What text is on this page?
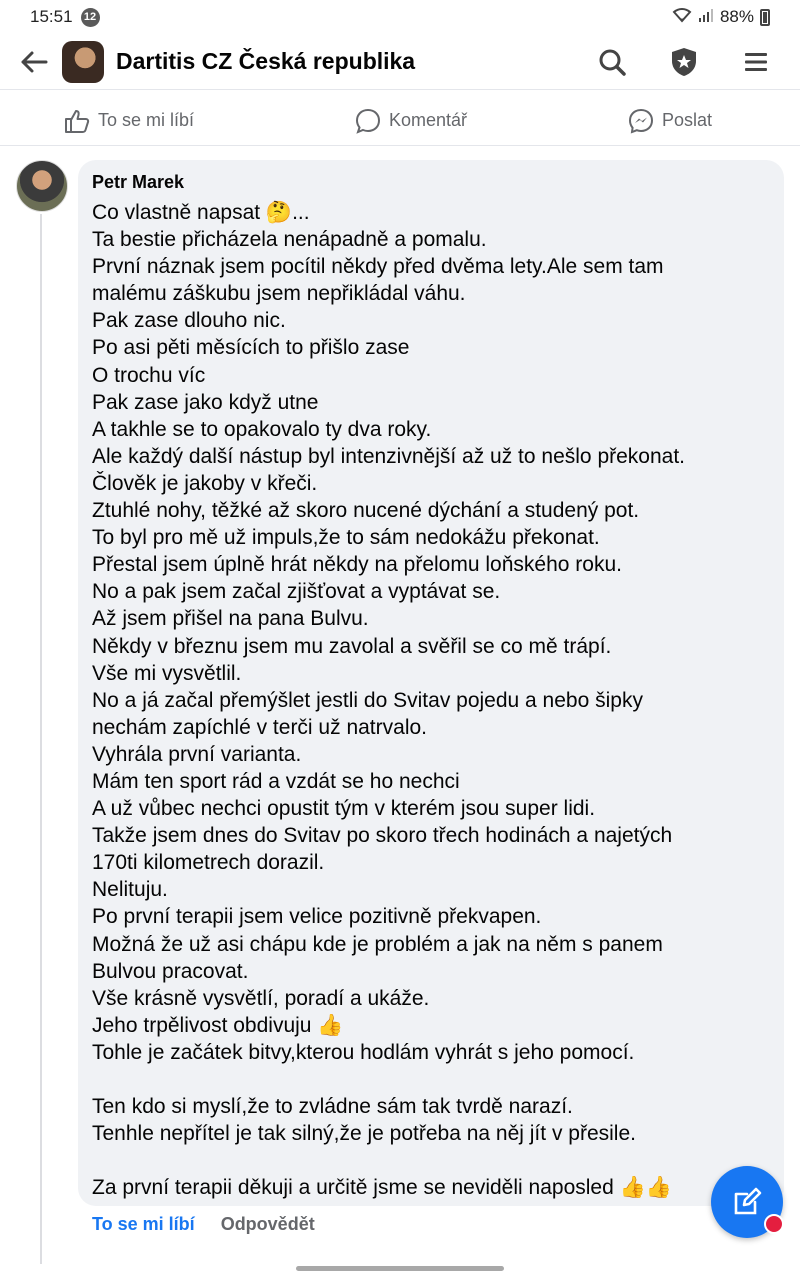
15:51	12	88%
Dartitis CZ Česká republika
To se mi líbí	Komentář	Poslat
Petr Marek
Co vlastně napsat 🤔...
Ta bestie přicházela nenápadně a pomalu.
První náznak jsem pocítil někdy před dvěma lety.Ale sem tam
malému záškubu jsem nepřikládal váhu.
Pak zase dlouho nic.
Po asi pěti měsících to přišlo zase
O trochu víc
Pak zase jako když utne
A takhle se to opakovalo ty dva roky.
Ale každý další nástup byl intenzivnější až už to nešlo překonat.
Člověk je jakoby v křeči.
Ztuhlé nohy, těžké až skoro nucené dýchání a studený pot.
To byl pro mě už impuls,že to sám nedokážu překonat.
Přestal jsem úplně hrát někdy na přelomu loňského roku.
No a pak jsem začal zjišťovat a vyptávat se.
Až jsem přišel na pana Bulvu.
Někdy v březnu jsem mu zavolal a svěřil se co mě trápí.
Vše mi vysvětlil.
No a já začal přemýšlet jestli do Svitav pojedu a nebo šipky
nechám zapíchlé v terči už natrvalo.
Vyhrála první varianta.
Mám ten sport rád a vzdát se ho nechci
A už vůbec nechci opustit tým v kterém jsou super lidi.
Takže jsem dnes do Svitav po skoro třech hodinách a najetých
170ti kilometrech dorazil.
Nelituju.
Po první terapii jsem velice pozitivně překvapen.
Možná že už asi chápu kde je problém a jak na něm s panem
Bulvou pracovat.
Vše krásně vysvětlí, poradí a ukáže.
Jeho trpělivost obdivuju 👍
Tohle je začátek bitvy,kterou hodlám vyhrát s jeho pomocí.
Ten kdo si myslí,že to zvládne sám tak tvrdě narazí.
Tenhle nepřítel je tak silný,že je potřeba na něj jít v přesile.
Za první terapii děkuji a určitě jsme se neviděli naposled 👍👍
To se mi líbí Odpovědět
